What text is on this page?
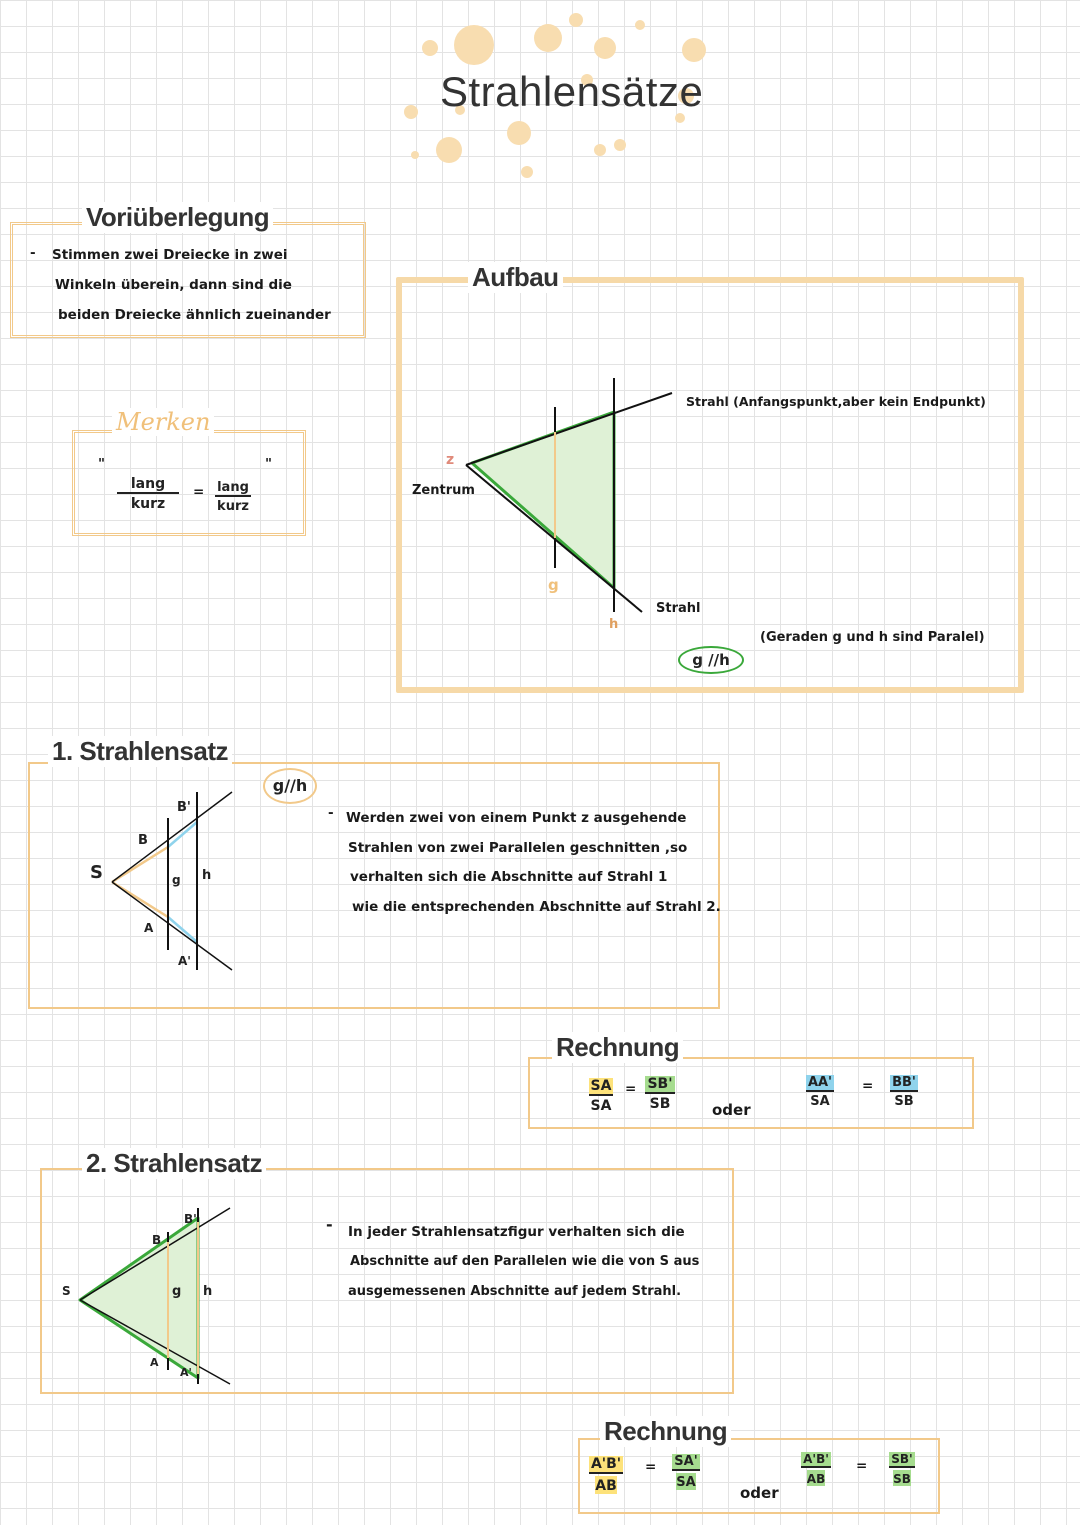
Strahlensätze
Voriüberlegung
- Stimmen zwei Dreiecke in zwei
Winkeln überein, dann sind die
beiden Dreiecke ähnlich zueinander
Merken
"	"
lang
kurz
= lang
kurz
Aufbau
Strahl (Anfangspunkt,aber kein Endpunkt)
z
Zentrum
g
h
Strahl
(Geraden g und h sind Paralel)
g //h
1. Strahlensatz
g//h
S
B
B'
A
A'
g h
- Werden zwei von einem Punkt z ausgehende
Strahlen von zwei Parallelen geschnitten ,so
verhalten sich die Abschnitte auf Strahl 1
wie die entsprechenden Abschnitte auf Strahl 2.
Rechnung
$\frac{SA}{SA} = \frac{SB'}{SB}$ oder
$\frac{AA'}{SA} = \frac{BB'}{SB}$
2. Strahlensatz
S
B
B'
A
A'
g h
- In jeder Strahlensatzfigur verhalten sich die
Abschnitte auf den Parallelen wie die von S aus
ausgemessenen Abschnitte auf jedem Strahl.
Rechnung
$\frac{A'B'}{AB} = \frac{SA'}{SA}$
oder
$\frac{A'B'}{AB} = \frac{SB'}{SB}$
